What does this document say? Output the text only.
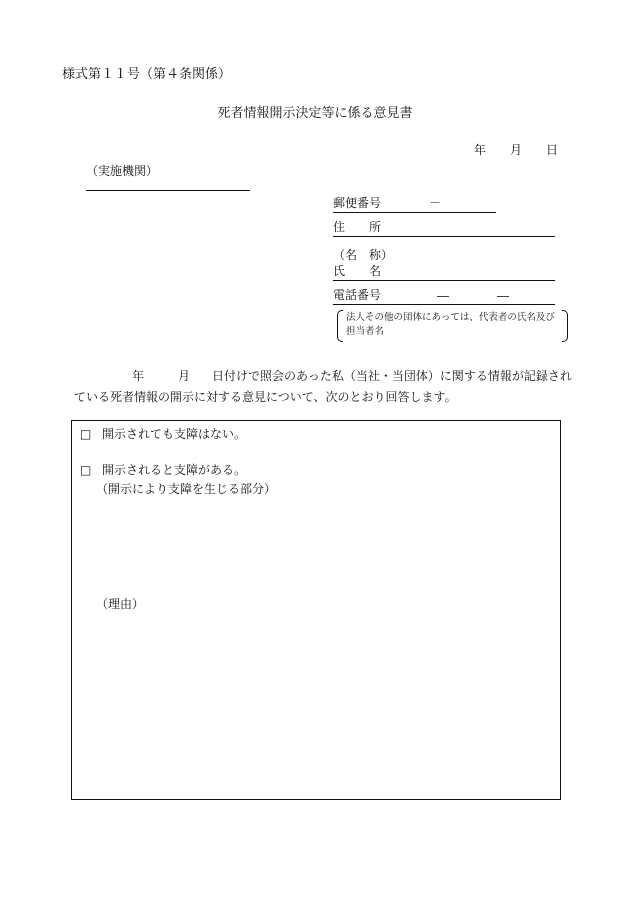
様式第１１号（第４条関係）
死者情報開示決定等に係る意見書
年 月 日
（実施機関）
郵便番号	－
住　　所
（名　称）
氏　　名
電話番号	―	―
法人その他の団体にあっては、代表者の氏名及び担当者名
年	月 日付けで照会のあった私（当社・当団体）に関する情報が記録されている死者情報の開示に対する意見について、次のとおり回答します。
□ 開示されても支障はない。
□ 開示されると支障がある。
（開示により支障を生じる部分）
（理由）
